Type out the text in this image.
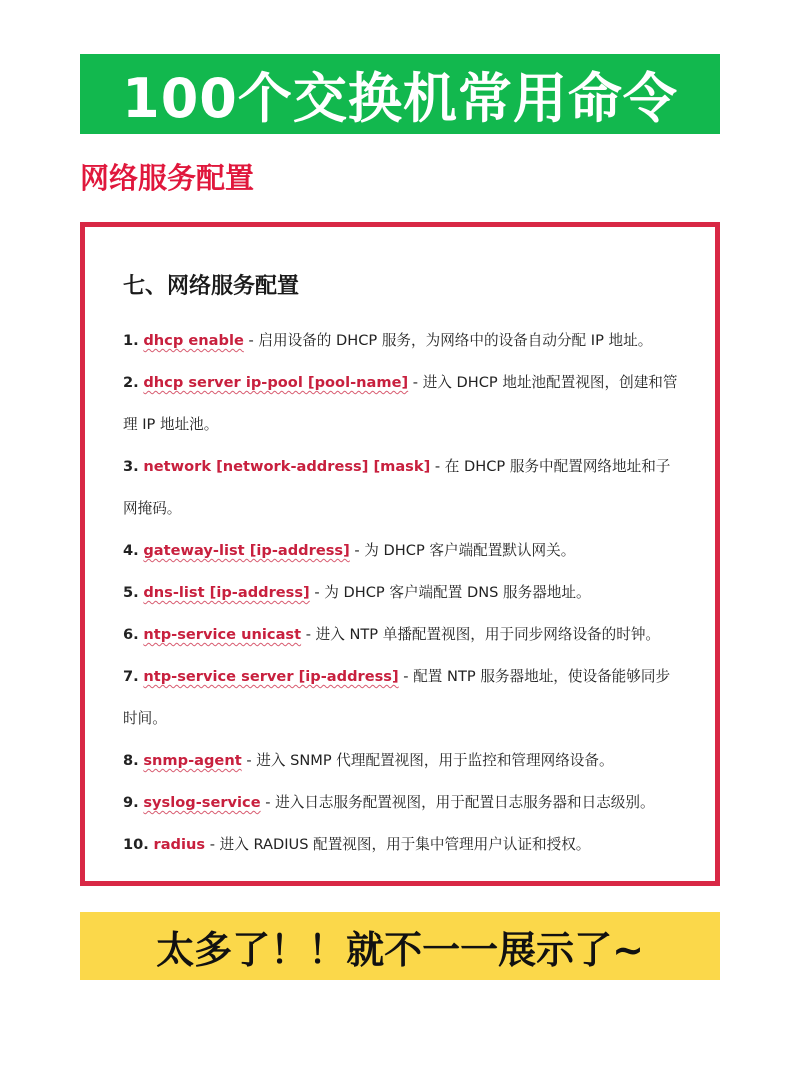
100个交换机常用命令
网络服务配置
七、网络服务配置
1. dhcp enable - 启用设备的 DHCP 服务，为网络中的设备自动分配 IP 地址。
2. dhcp server ip-pool [pool-name] - 进入 DHCP 地址池配置视图，创建和管理 IP 地址池。
3. network [network-address] [mask] - 在 DHCP 服务中配置网络地址和子网掩码。
4. gateway-list [ip-address] - 为 DHCP 客户端配置默认网关。
5. dns-list [ip-address] - 为 DHCP 客户端配置 DNS 服务器地址。
6. ntp-service unicast - 进入 NTP 单播配置视图，用于同步网络设备的时钟。
7. ntp-service server [ip-address] - 配置 NTP 服务器地址，使设备能够同步时间。
8. snmp-agent - 进入 SNMP 代理配置视图，用于监控和管理网络设备。
9. syslog-service - 进入日志服务配置视图，用于配置日志服务器和日志级别。
10. radius - 进入 RADIUS 配置视图，用于集中管理用户认证和授权。
太多了！！就不一一展示了~
